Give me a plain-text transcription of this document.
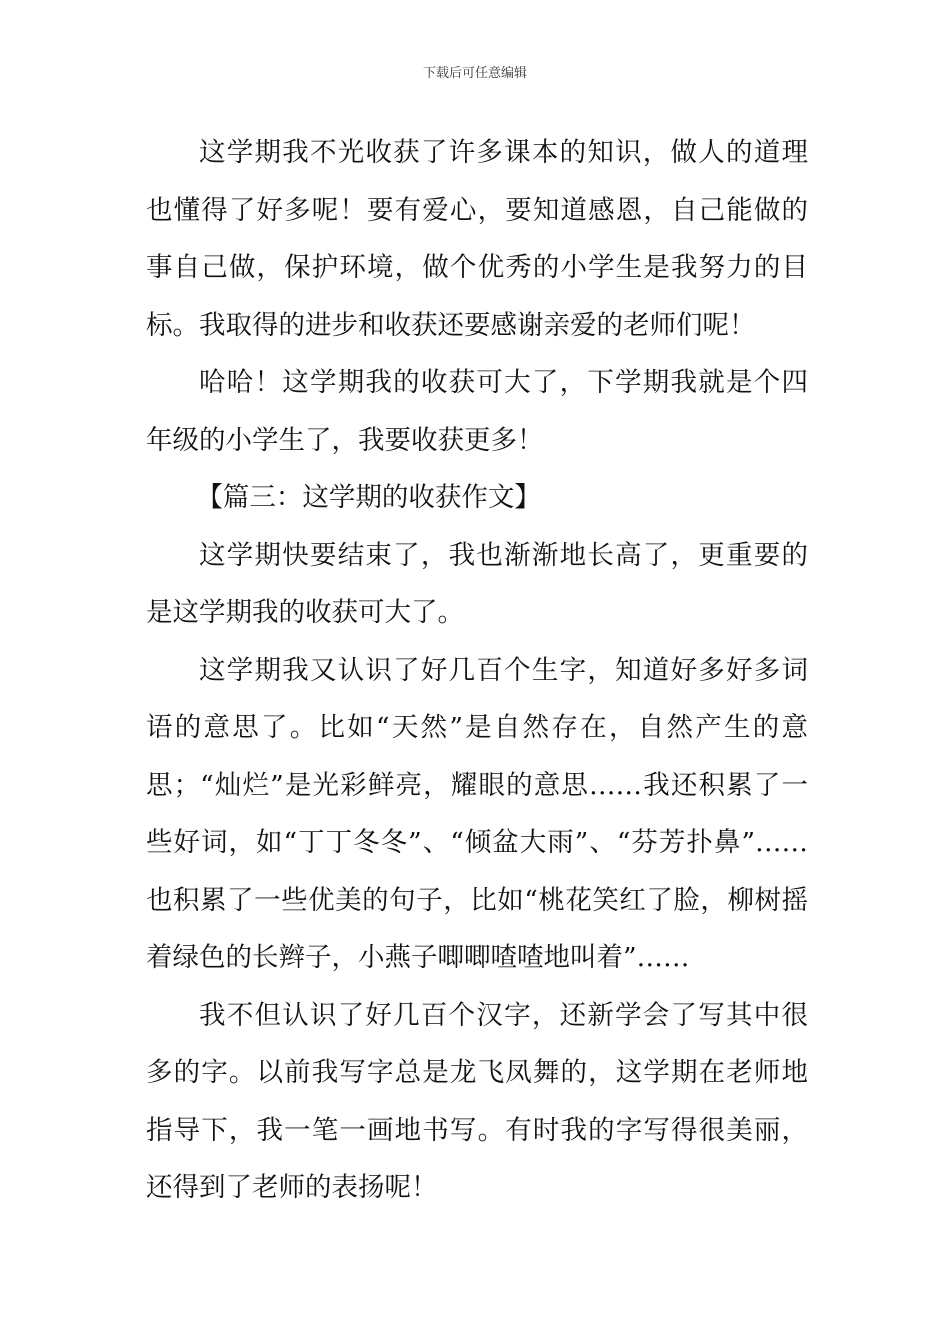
下载后可任意编辑

这学期我不光收获了许多课本的知识，做人的道理也懂得了好多呢！要有爱心，要知道感恩，自己能做的事自己做，保护环境，做个优秀的小学生是我努力的目标。我取得的进步和收获还要感谢亲爱的老师们呢！

哈哈！这学期我的收获可大了，下学期我就是个四年级的小学生了，我要收获更多！

【篇三：这学期的收获作文】

这学期快要结束了，我也渐渐地长高了，更重要的是这学期我的收获可大了。

这学期我又认识了好几百个生字，知道好多好多词语的意思了。比如“天然”是自然存在，自然产生的意思；“灿烂”是光彩鲜亮，耀眼的意思……我还积累了一些好词，如“丁丁冬冬”、“倾盆大雨”、“芬芳扑鼻”……也积累了一些优美的句子，比如“桃花笑红了脸，柳树摇着绿色的长辫子，小燕子唧唧喳喳地叫着”……

我不但认识了好几百个汉字，还新学会了写其中很多的字。以前我写字总是龙飞凤舞的，这学期在老师地指导下，我一笔一画地书写。有时我的字写得很美丽，还得到了老师的表扬呢！
